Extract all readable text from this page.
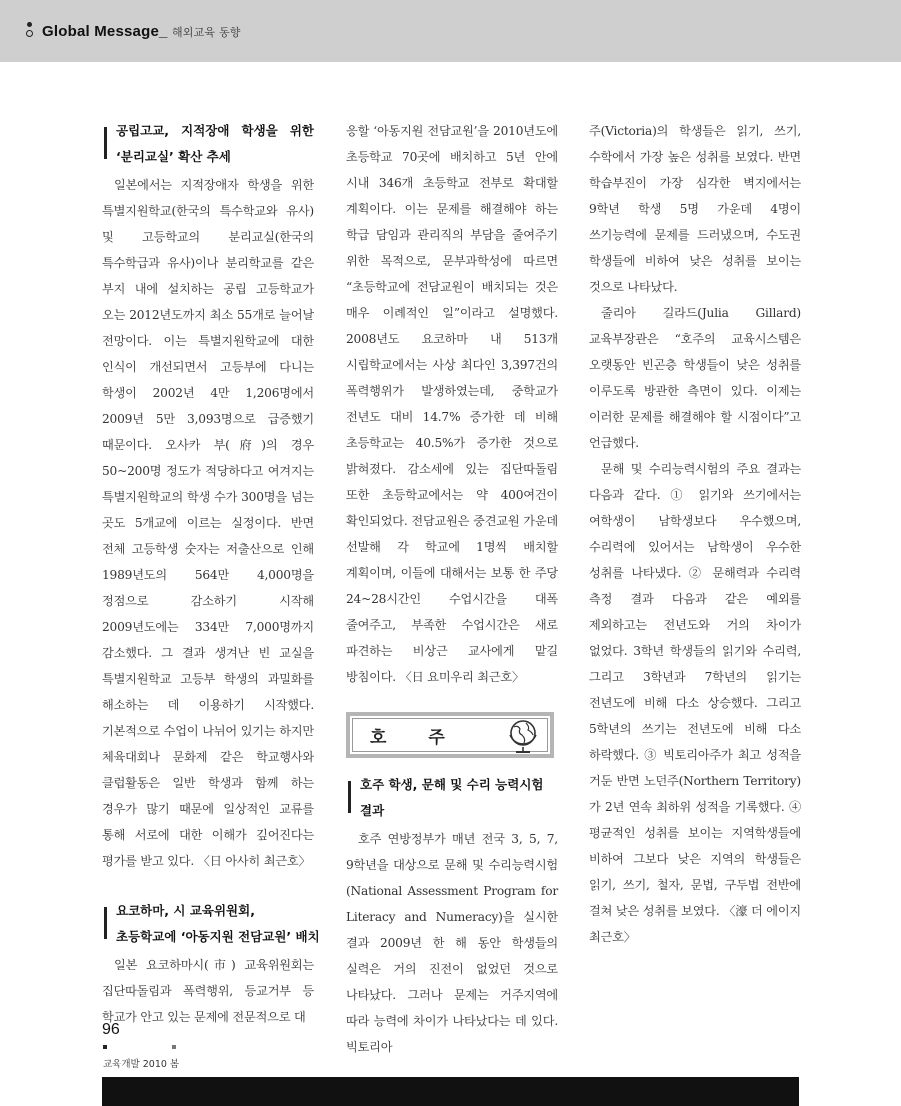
Global Message_ 해외교육 동향
공립고교, 지적장애 학생을 위한
‘분리교실’ 확산 추세

일본에서는 지적장애자 학생을 위한 특별지원학교(한국의 특수학교와 유사) 및 고등학교의 분리교실(한국의 특수학급과 유사)이나 분리학교를 같은 부지 내에 설치하는 공립 고등학교가 오는 2012년도까지 최소 55개로 늘어날 전망이다. 이는 특별지원학교에 대한 인식이 개선되면서 고등부에 다니는 학생이 2002년 4만 1,206명에서 2009년 5만 3,093명으로 급증했기 때문이다. 오사카 부(府)의 경우 50~200명 정도가 적당하다고 여겨지는 특별지원학교의 학생 수가 300명을 넘는 곳도 5개교에 이르는 실정이다. 반면 전체 고등학생 숫자는 저출산으로 인해 1989년도의 564만 4,000명을 정점으로 감소하기 시작해 2009년도에는 334만 7,000명까지 감소했다. 그 결과 생겨난 빈 교실을 특별지원학교 고등부 학생의 과밀화를 해소하는 데 이용하기 시작했다. 기본적으로 수업이 나뉘어 있기는 하지만 체육대회나 문화제 같은 학교행사와 클럽활동은 일반 학생과 함께 하는 경우가 많기 때문에 일상적인 교류를 통해 서로에 대한 이해가 깊어진다는 평가를 받고 있다. 〈日 아사히 최근호〉

요코하마, 시 교육위원회,
초등학교에 ‘아동지원 전담교원’ 배치

일본 요코하마시(市) 교육위원회는 집단따돌림과 폭력행위, 등교거부 등 학교가 안고 있는 문제에 전문적으로 대

응할 ‘아동지원 전담교원’을 2010년도에 초등학교 70곳에 배치하고 5년 안에 시내 346개 초등학교 전부로 확대할 계획이다. 이는 문제를 해결해야 하는 학급 담임과 관리직의 부담을 줄여주기 위한 목적으로, 문부과학성에 따르면 “초등학교에 전담교원이 배치되는 것은 매우 이례적인 일”이라고 설명했다. 2008년도 요코하마 내 513개 시립학교에서는 사상 최다인 3,397건의 폭력행위가 발생하였는데, 중학교가 전년도 대비 14.7% 증가한 데 비해 초등학교는 40.5%가 증가한 것으로 밝혀졌다. 감소세에 있는 집단따돌림 또한 초등학교에서는 약 400여건이 확인되었다. 전담교원은 중견교원 가운데 선발해 각 학교에 1명씩 배치할 계획이며, 이들에 대해서는 보통 한 주당 24~28시간인 수업시간을 대폭 줄여주고, 부족한 수업시간은 새로 파견하는 비상근 교사에게 맡길 방침이다. 〈日 요미우리 최근호〉

호 주
호주 학생, 문해 및 수리 능력시험
결과

호주 연방정부가 매년 전국 3, 5, 7, 9학년을 대상으로 문해 및 수리능력시험(National Assessment Program for Literacy and Numeracy)을 실시한 결과 2009년 한 해 동안 학생들의 실력은 거의 진전이 없었던 것으로 나타났다. 그러나 문제는 거주지역에 따라 능력에 차이가 나타났다는 데 있다. 빅토리아

주(Victoria)의 학생들은 읽기, 쓰기, 수학에서 가장 높은 성취를 보였다. 반면 학습부진이 가장 심각한 벽지에서는 9학년 학생 5명 가운데 4명이 쓰기능력에 문제를 드러냈으며, 수도권 학생들에 비하여 낮은 성취를 보이는 것으로 나타났다.

줄리아 길라드(Julia Gillard) 교육부장관은 “호주의 교육시스템은 오랫동안 빈곤층 학생들이 낮은 성취를 이루도록 방관한 측면이 있다. 이제는 이러한 문제를 해결해야 할 시점이다”고 언급했다.

문해 및 수리능력시험의 주요 결과는 다음과 같다. ① 읽기와 쓰기에서는 여학생이 남학생보다 우수했으며, 수리력에 있어서는 남학생이 우수한 성취를 나타냈다. ② 문해력과 수리력 측정 결과 다음과 같은 예외를 제외하고는 전년도와 거의 차이가 없었다. 3학년 학생들의 읽기와 수리력, 그리고 3학년과 7학년의 읽기는 전년도에 비해 다소 상승했다. 그리고 5학년의 쓰기는 전년도에 비해 다소 하락했다. ③ 빅토리아주가 최고 성적을 거둔 반면 노던주(Northern Territory)가 2년 연속 최하위 성적을 기록했다. ④ 평균적인 성취를 보이는 지역학생들에 비하여 그보다 낮은 지역의 학생들은 읽기, 쓰기, 철자, 문법, 구두법 전반에 걸쳐 낮은 성취를 보였다. 〈濠 더 에이지 최근호〉

96
교육개발 2010 봄
